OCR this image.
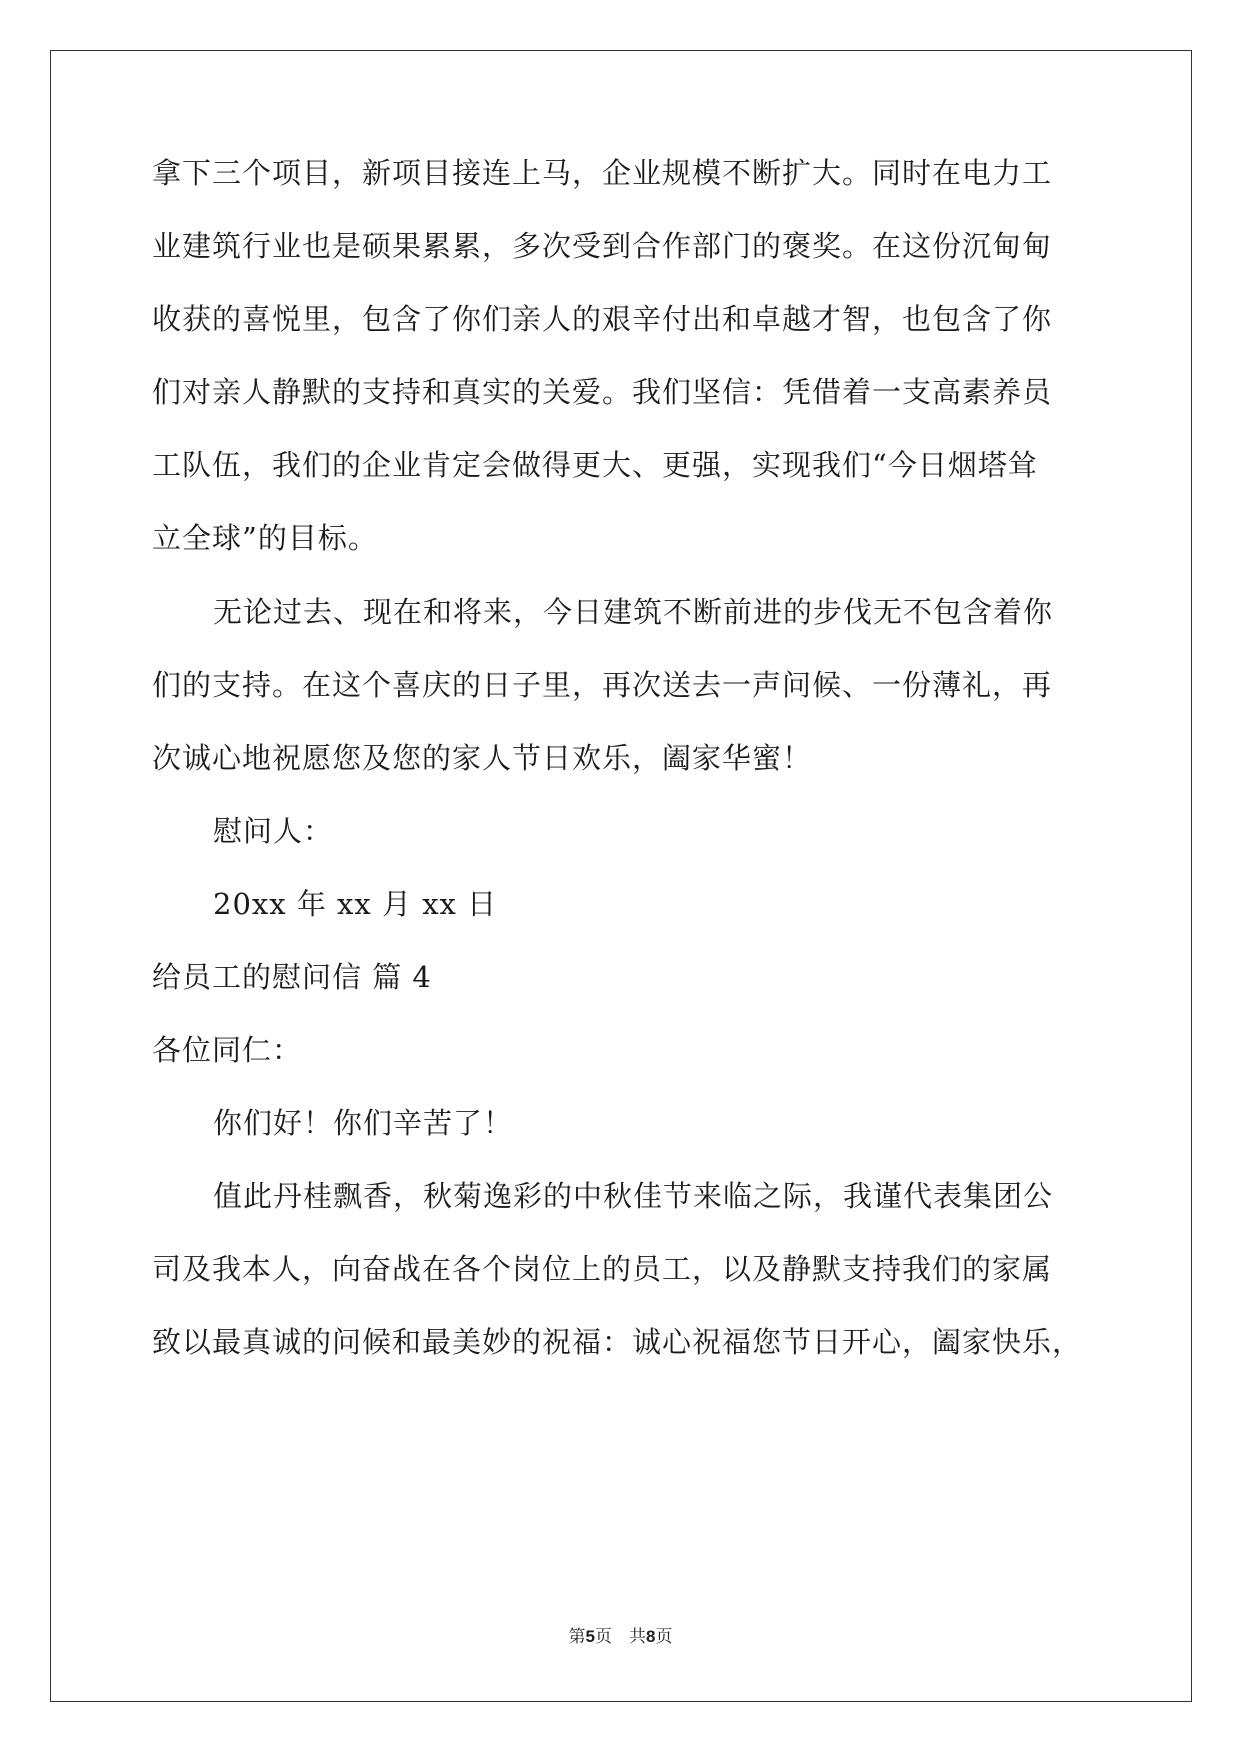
拿下三个项目，新项目接连上马，企业规模不断扩大。同时在电力工
业建筑行业也是硕果累累，多次受到合作部门的褒奖。在这份沉甸甸
收获的喜悦里，包含了你们亲人的艰辛付出和卓越才智，也包含了你
们对亲人静默的支持和真实的关爱。我们坚信：凭借着一支高素养员
工队伍，我们的企业肯定会做得更大、更强，实现我们“今日烟塔耸
立全球”的目标。
无论过去、现在和将来，今日建筑不断前进的步伐无不包含着你
们的支持。在这个喜庆的日子里，再次送去一声问候、一份薄礼，再
次诚心地祝愿您及您的家人节日欢乐，阖家华蜜！
慰问人：
20xx 年 xx 月 xx 日
给员工的慰问信 篇 4
各位同仁：
你们好！你们辛苦了！
值此丹桂飘香，秋菊逸彩的中秋佳节来临之际，我谨代表集团公
司及我本人，向奋战在各个岗位上的员工，以及静默支持我们的家属
致以最真诚的问候和最美妙的祝福：诚心祝福您节日开心，阖家快乐，
第5页　共8页
